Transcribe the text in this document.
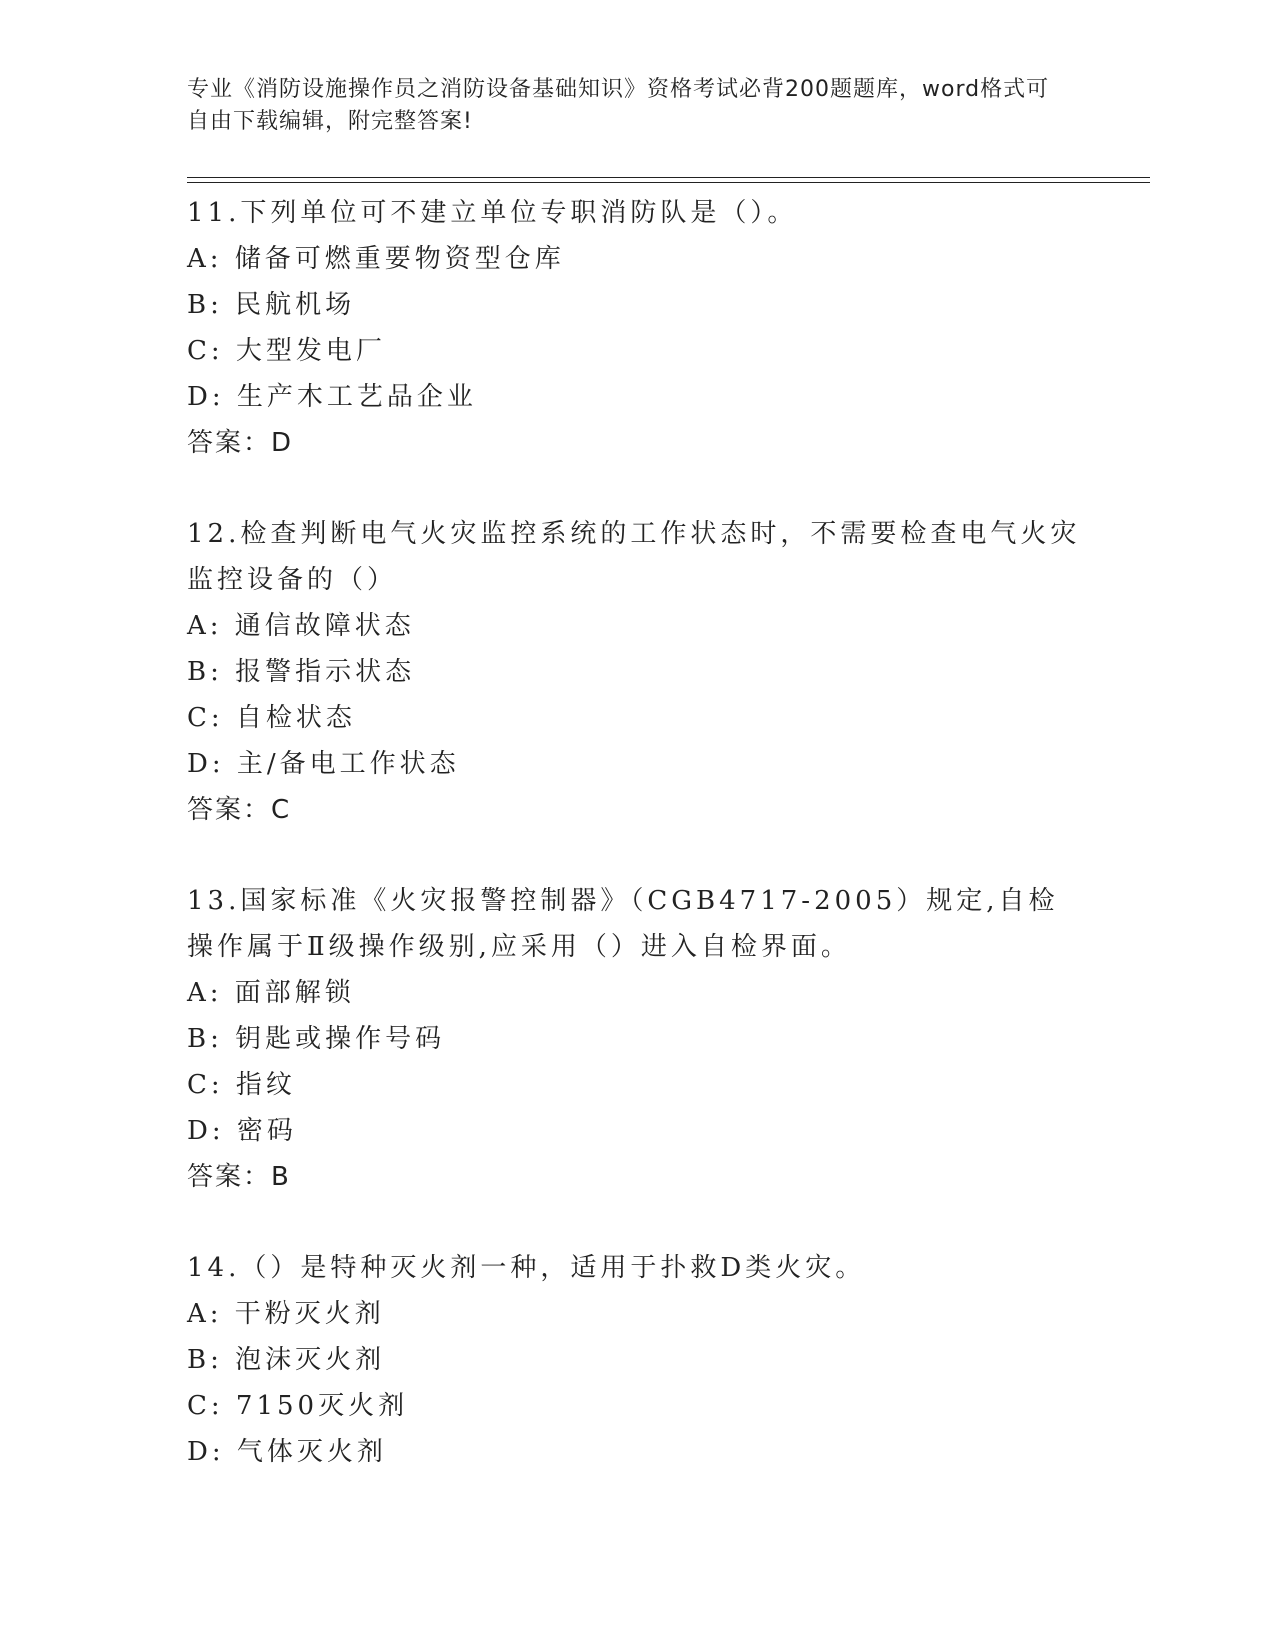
专业《消防设施操作员之消防设备基础知识》资格考试必背200题题库，word格式可自由下载编辑，附完整答案!
11.下列单位可不建立单位专职消防队是（）。
A: 储备可燃重要物资型仓库
B: 民航机场
C: 大型发电厂
D: 生产木工艺品企业
答案：D
12.检查判断电气火灾监控系统的工作状态时，不需要检查电气火灾监控设备的（）
A: 通信故障状态
B: 报警指示状态
C: 自检状态
D: 主/备电工作状态
答案：C
13.国家标准《火灾报警控制器》（CGB4717-2005）规定,自检操作属于Ⅱ级操作级别,应采用（）进入自检界面。
A: 面部解锁
B: 钥匙或操作号码
C: 指纹
D: 密码
答案：B
14.（）是特种灭火剂一种，适用于扑救D类火灾。
A: 干粉灭火剂
B: 泡沫灭火剂
C: 7150灭火剂
D: 气体灭火剂
